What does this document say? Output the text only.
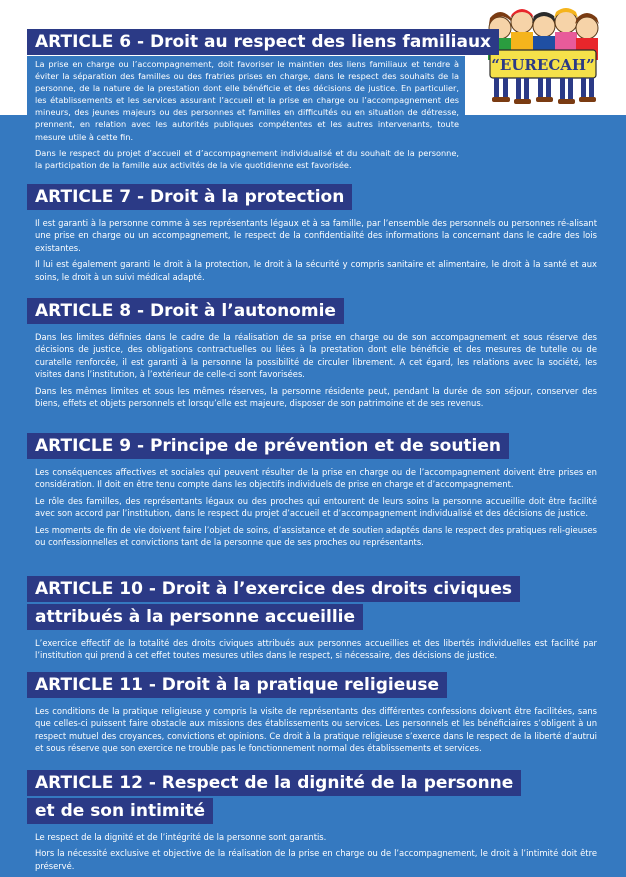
“EURECAH”
ARTICLE 6 - Droit au respect des liens familiaux

La prise en charge ou l’accompagnement, doit favoriser le maintien des liens familiaux et tendre à éviter la séparation des familles ou des fratries prises en charge, dans le respect des souhaits de la personne, de la nature de la prestation dont elle bénéficie et des décisions de justice. En particulier, les établissements et les services assurant l’accueil et la prise en charge ou l’accompagnement des mineurs, des jeunes majeurs ou des personnes et familles en difficultés ou en situation de détresse, prennent, en relation avec les autorités publiques compétentes et les autres intervenants, toute mesure utile à cette fin.

Dans le respect du projet d’accueil et d’accompagnement individualisé et du souhait de la personne, la participation de la famille aux activités de la vie quotidienne est favorisée.

ARTICLE 7 - Droit à la protection

Il est garanti à la personne comme à ses représentants légaux et à sa famille, par l’ensemble des personnels ou personnes ré-alisant une prise en charge ou un accompagnement, le respect de la confidentialité des informations la concernant dans le cadre des lois existantes.

Il lui est également garanti le droit à la protection, le droit à la sécurité y compris sanitaire et alimentaire, le droit à la santé et aux soins, le droit à un suivi médical adapté.

ARTICLE 8 - Droit à l’autonomie

Dans les limites définies dans le cadre de la réalisation de sa prise en charge ou de son accompagnement et sous réserve des décisions de justice, des obligations contractuelles ou liées à la prestation dont elle bénéficie et des mesures de tutelle ou de curatelle renforcée, il est garanti à la personne la possibilité de circuler librement. A cet égard, les relations avec la société, les visites dans l’institution, à l’extérieur de celle-ci sont favorisées.

Dans les mêmes limites et sous les mêmes réserves, la personne résidente peut, pendant la durée de son séjour, conserver des biens, effets et objets personnels et lorsqu’elle est majeure, disposer de son patrimoine et de ses revenus.

ARTICLE 9 - Principe de prévention et de soutien

Les conséquences affectives et sociales qui peuvent résulter de la prise en charge ou de l’accompagnement doivent être prises en considération. Il doit en être tenu compte dans les objectifs individuels de prise en charge et d’accompagnement.

Le rôle des familles, des représentants légaux ou des proches qui entourent de leurs soins la personne accueillie doit être facilité avec son accord par l’institution, dans le respect du projet d’accueil et d’accompagnement individualisé et des décisions de justice.

Les moments de fin de vie doivent faire l’objet de soins, d’assistance et de soutien adaptés dans le respect des pratiques reli-gieuses ou confessionnelles et convictions tant de la personne que de ses proches ou représentants.

ARTICLE 10 - Droit à l’exercice des droits civiques
attribués à la personne accueillie

L’exercice effectif de la totalité des droits civiques attribués aux personnes accueillies et des libertés individuelles est facilité par l’institution qui prend à cet effet toutes mesures utiles dans le respect, si nécessaire, des décisions de justice.

ARTICLE 11 - Droit à la pratique religieuse

Les conditions de la pratique religieuse y compris la visite de représentants des différentes confessions doivent être facilitées, sans que celles-ci puissent faire obstacle aux missions des établissements ou services. Les personnels et les bénéficiaires s’obligent à un respect mutuel des croyances, convictions et opinions. Ce droit à la pratique religieuse s’exerce dans le respect de la liberté d’autrui et sous réserve que son exercice ne trouble pas le fonctionnement normal des établissements et services.

ARTICLE 12 - Respect de la dignité de la personne
et de son intimité

Le respect de la dignité et de l’intégrité de la personne sont garantis.

Hors la nécessité exclusive et objective de la réalisation de la prise en charge ou de l’accompagnement, le droit à l’intimité doit être préservé.
